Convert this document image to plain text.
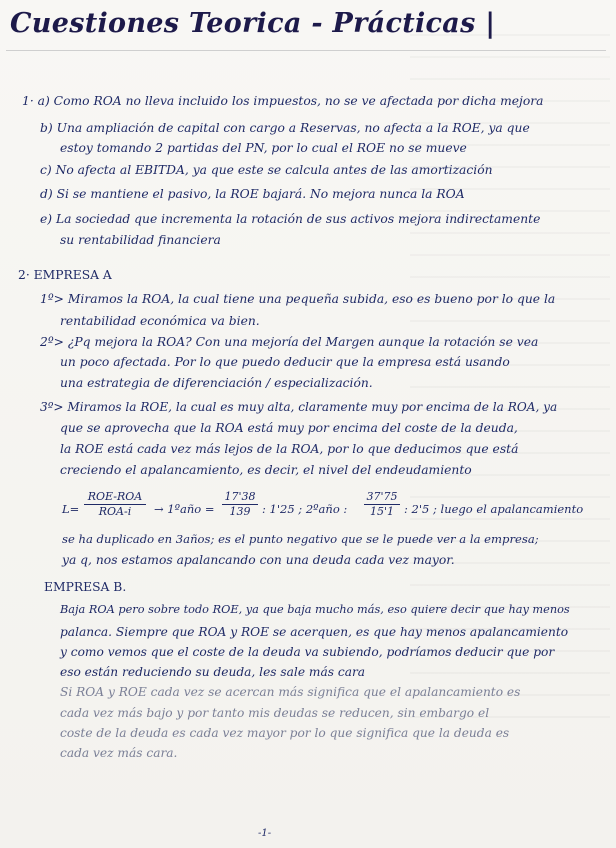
Cuestiones Teorica - Prácticas |
1· a) Como ROA no lleva incluido los impuestos, no se ve afectada por dicha mejora
b) Una ampliación de capital con cargo a Reservas, no afecta a la ROE, ya que
estoy tomando 2 partidas del PN, por lo cual el ROE no se mueve
c) No afecta al EBITDA, ya que este se calcula antes de las amortización
d) Si se mantiene el pasivo, la ROE bajará. No mejora nunca la ROA
e) La sociedad que incrementa la rotación de sus activos mejora indirectamente
su rentabilidad financiera
2· EMPRESA A
1º> Miramos la ROA, la cual tiene una pequeña subida, eso es bueno por lo que la
rentabilidad económica va bien.
2º> ¿Pq mejora la ROA? Con una mejoría del Margen aunque la rotación se vea
un poco afectada. Por lo que puedo deducir que la empresa está usando
una estrategia de diferenciación / especialización.
3º> Miramos la ROE, la cual es muy alta, claramente muy por encima de la ROA, ya
que se aprovecha que la ROA está muy por encima del coste de la deuda,
la ROE está cada vez más lejos de la ROA, por lo que deducimos que está
creciendo el apalancamiento, es decir, el nivel del endeudamiento
L=
ROE-ROA
ROA-i	→ 1ºaño = $\frac{17'38}{139}$ : 1'25 ; 2ºaño : $\frac{37'75}{15'1}$ : 2'5 ; luego el apalancamiento
se ha duplicado en 3años; es el punto negativo que se le puede ver a la empresa;
ya q, nos estamos apalancando con una deuda cada vez mayor.
EMPRESA B.
Baja ROA pero sobre todo ROE, ya que baja mucho más, eso quiere decir que hay menos
palanca. Siempre que ROA y ROE se acerquen, es que hay menos apalancamiento
y como vemos que el coste de la deuda va subiendo, podríamos deducir que por
eso están reduciendo su deuda, les sale más cara
Si ROA y ROE cada vez se acercan más significa que el apalancamiento es
cada vez más bajo y por tanto mis deudas se reducen, sin embargo el
coste de la deuda es cada vez mayor por lo que significa que la deuda es
cada vez más cara.
-1-
